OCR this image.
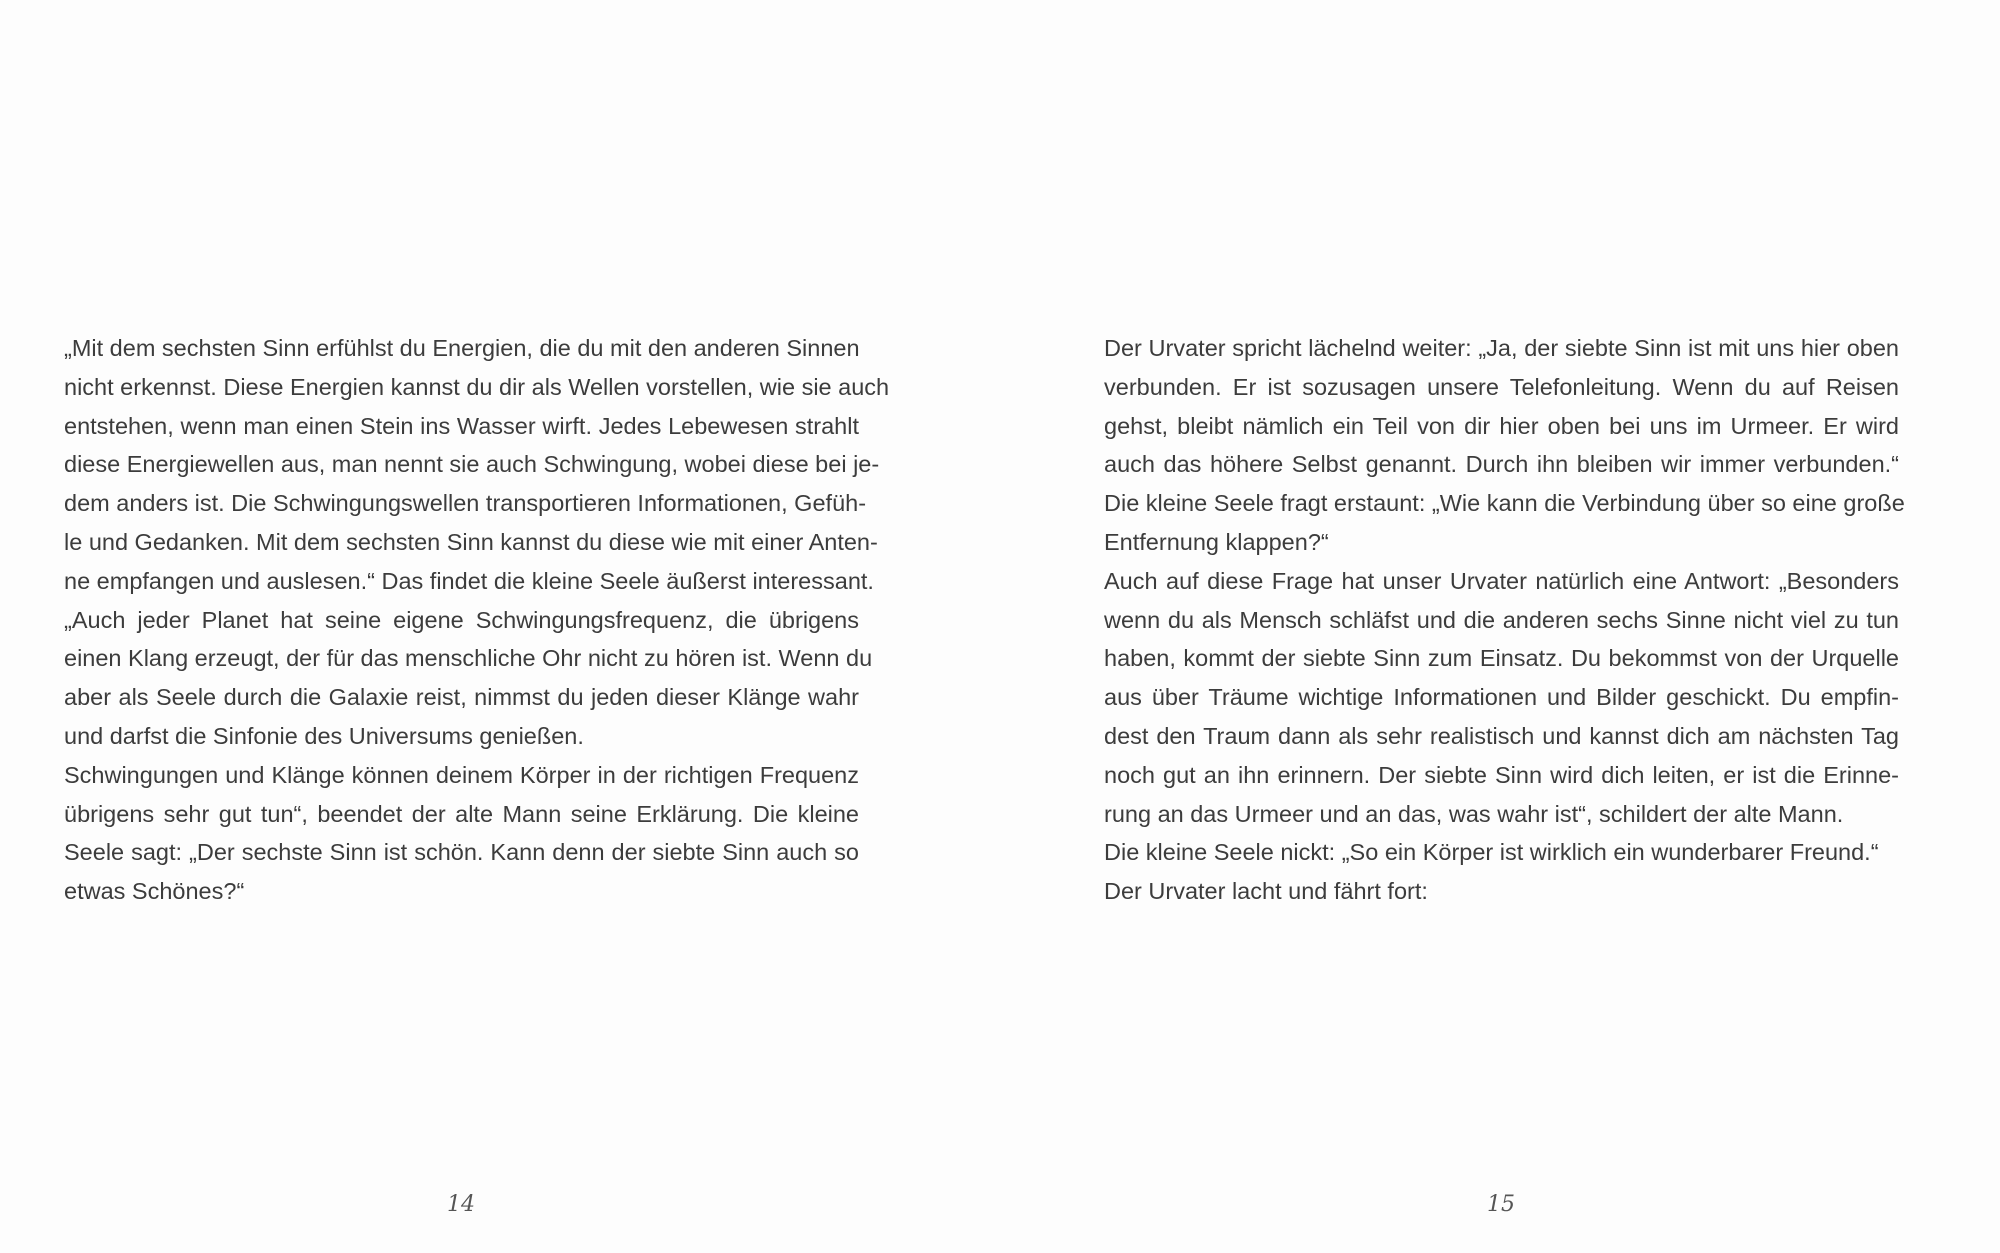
„Mit dem sechsten Sinn erfühlst du Energien, die du mit den anderen Sinnen
nicht erkennst. Diese Energien kannst du dir als Wellen vorstellen, wie sie auch
entstehen, wenn man einen Stein ins Wasser wirft. Jedes Lebewesen strahlt
diese Energiewellen aus, man nennt sie auch Schwingung, wobei diese bei je-
dem anders ist. Die Schwingungswellen transportieren Informationen, Gefüh-
le und Gedanken. Mit dem sechsten Sinn kannst du diese wie mit einer Anten-
ne empfangen und auslesen.“ Das findet die kleine Seele äußerst interessant.
„Auch jeder Planet hat seine eigene Schwingungsfrequenz, die übrigens
einen Klang erzeugt, der für das menschliche Ohr nicht zu hören ist. Wenn du
aber als Seele durch die Galaxie reist, nimmst du jeden dieser Klänge wahr
und darfst die Sinfonie des Universums genießen.
Schwingungen und Klänge können deinem Körper in der richtigen Frequenz
übrigens sehr gut tun“, beendet der alte Mann seine Erklärung. Die kleine
Seele sagt: „Der sechste Sinn ist schön. Kann denn der siebte Sinn auch so
etwas Schönes?“
14
Der Urvater spricht lächelnd weiter: „Ja, der siebte Sinn ist mit uns hier oben
verbunden. Er ist sozusagen unsere Telefonleitung. Wenn du auf Reisen
gehst, bleibt nämlich ein Teil von dir hier oben bei uns im Urmeer. Er wird
auch das höhere Selbst genannt. Durch ihn bleiben wir immer verbunden.“
Die kleine Seele fragt erstaunt: „Wie kann die Verbindung über so eine große
Entfernung klappen?“
Auch auf diese Frage hat unser Urvater natürlich eine Antwort: „Besonders
wenn du als Mensch schläfst und die anderen sechs Sinne nicht viel zu tun
haben, kommt der siebte Sinn zum Einsatz. Du bekommst von der Urquelle
aus über Träume wichtige Informationen und Bilder geschickt. Du empfin-
dest den Traum dann als sehr realistisch und kannst dich am nächsten Tag
noch gut an ihn erinnern. Der siebte Sinn wird dich leiten, er ist die Erinne-
rung an das Urmeer und an das, was wahr ist“, schildert der alte Mann.
Die kleine Seele nickt: „So ein Körper ist wirklich ein wunderbarer Freund.“
Der Urvater lacht und fährt fort:
15
